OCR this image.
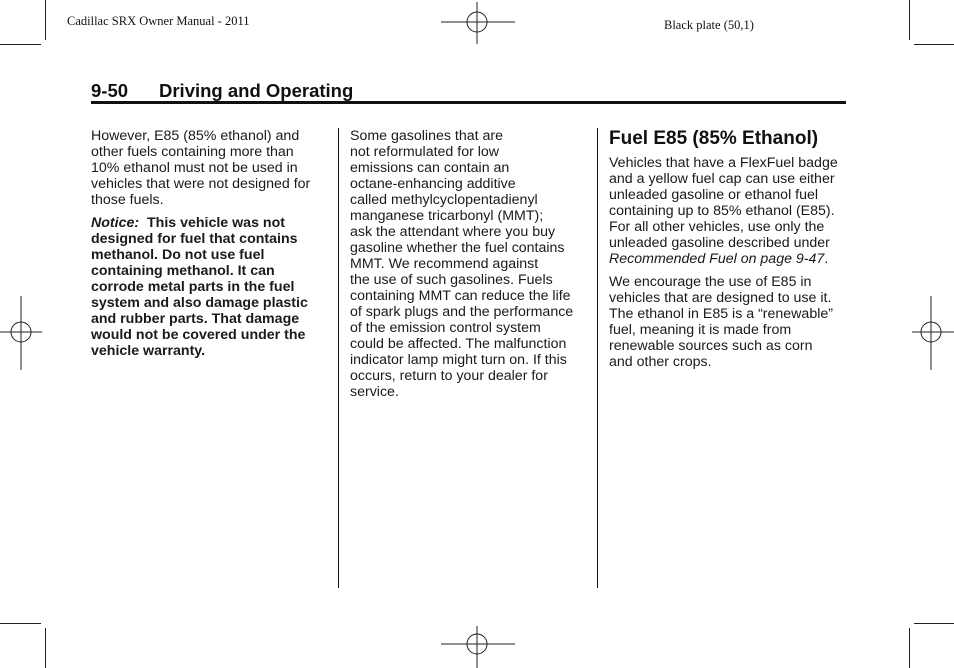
Cadillac SRX Owner Manual - 2011	Black plate (50,1)
9-50 Driving and Operating

However, E85 (85% ethanol) and
other fuels containing more than
10% ethanol must not be used in
vehicles that were not designed for
those fuels.

Notice: This vehicle was not
designed for fuel that contains
methanol. Do not use fuel
containing methanol. It can
corrode metal parts in the fuel
system and also damage plastic
and rubber parts. That damage
would not be covered under the
vehicle warranty.

Some gasolines that are
not reformulated for low
emissions can contain an
octane-enhancing additive
called methylcyclopentadienyl
manganese tricarbonyl (MMT);
ask the attendant where you buy
gasoline whether the fuel contains
MMT. We recommend against
the use of such gasolines. Fuels
containing MMT can reduce the life
of spark plugs and the performance
of the emission control system
could be affected. The malfunction
indicator lamp might turn on. If this
occurs, return to your dealer for
service.

Fuel E85 (85% Ethanol)

Vehicles that have a FlexFuel badge
and a yellow fuel cap can use either
unleaded gasoline or ethanol fuel
containing up to 85% ethanol (E85).
For all other vehicles, use only the
unleaded gasoline described under
Recommended Fuel on page 9-47.

We encourage the use of E85 in
vehicles that are designed to use it.
The ethanol in E85 is a “renewable”
fuel, meaning it is made from
renewable sources such as corn
and other crops.
